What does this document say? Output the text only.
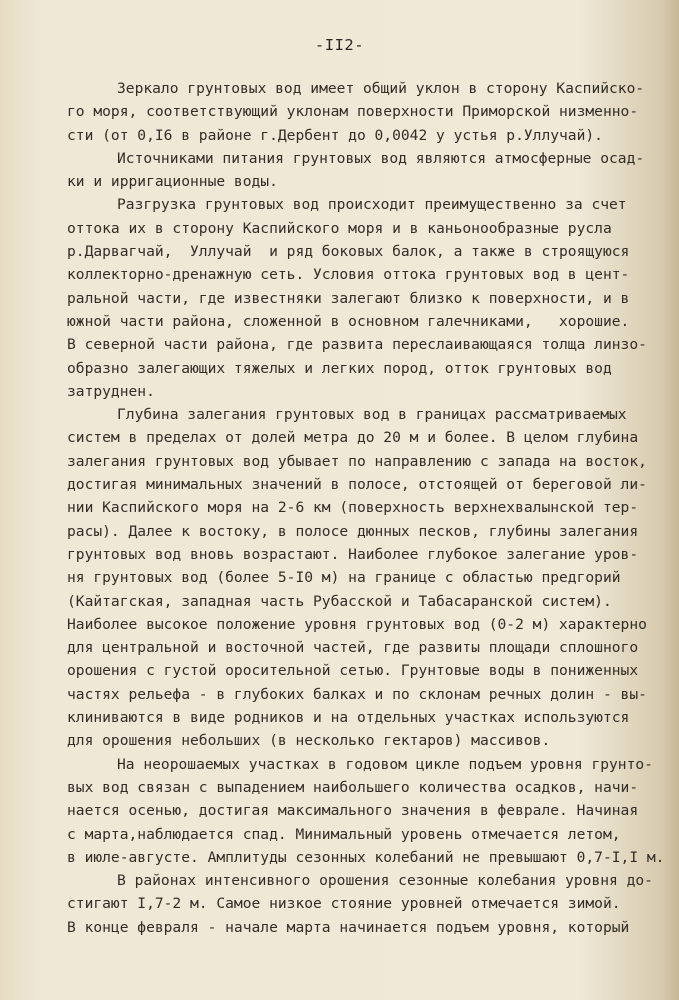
-II2-
Зеркало грунтовых вод имеет общий уклон в сторону Каспийско-
го моря, соответствующий уклонам поверхности Приморской низменно-
сти (от 0,I6 в районе г.Дербент до 0,0042 у устья р.Уллучай).
Источниками питания грунтовых вод являются атмосферные осад-
ки и ирригационные воды.
Разгрузка грунтовых вод происходит преимущественно за счет
оттока их в сторону Каспийского моря и в каньонообразные русла
р.Дарвагчай,  Уллучай  и ряд боковых балок, а также в строящуюся
коллекторно-дренажную сеть. Условия оттока грунтовых вод в цент-
ральной части, где известняки залегают близко к поверхности, и в
южной части района, сложенной в основном галечниками,   хорошие.
В северной части района, где развита переслаивающаяся толща линзо-
образно залегающих тяжелых и легких пород, отток грунтовых вод
затруднен.
Глубина залегания грунтовых вод в границах рассматриваемых
систем в пределах от долей метра до 20 м и более. В целом глубина
залегания грунтовых вод убывает по направлению с запада на восток,
достигая минимальных значений в полосе, отстоящей от береговой ли-
нии Каспийского моря на 2-6 км (поверхность верхнехвалынской тер-
расы). Далее к востоку, в полосе дюнных песков, глубины залегания
грунтовых вод вновь возрастают. Наиболее глубокое залегание уров-
ня грунтовых вод (более 5-I0 м) на границе с областью предгорий
(Кайтагская, западная часть Рубасской и Табасаранской систем).
Наиболее высокое положение уровня грунтовых вод (0-2 м) характерно
для центральной и восточной частей, где развиты площади сплошного
орошения с густой оросительной сетью. Грунтовые воды в пониженных
частях рельефа - в глубоких балках и по склонам речных долин - вы-
клиниваются в виде родников и на отдельных участках используются
для орошения небольших (в несколько гектаров) массивов.
На неорошаемых участках в годовом цикле подъем уровня грунто-
вых вод связан с выпадением наибольшего количества осадков, начи-
нается осенью, достигая максимального значения в феврале. Начиная
с марта,наблюдается спад. Минимальный уровень отмечается летом,
в июле-августе. Амплитуды сезонных колебаний не превышают 0,7-I,I м.
В районах интенсивного орошения сезонные колебания уровня до-
стигают I,7-2 м. Самое низкое стояние уровней отмечается зимой.
В конце февраля - начале марта начинается подъем уровня, который
